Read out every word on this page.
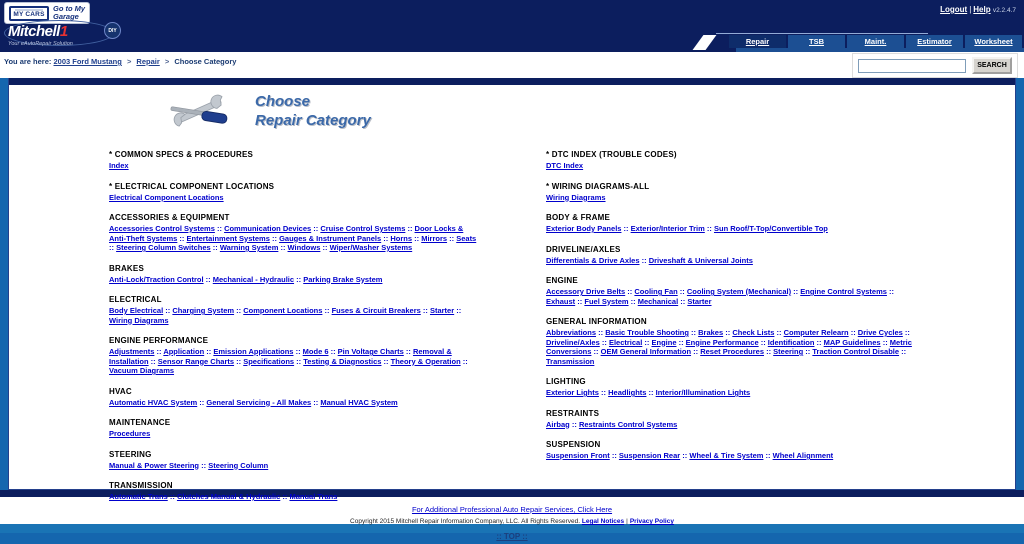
MY CARS
Go to My
Garage
Logout | Help v2.2.4.7
Mitchell1
Your eAutoRepair Solution
DIY
Repair	TSB	Maint.	Estimator	Worksheet
You are here: 2003 Ford Mustang > Repair > Choose Category	SEARCH
Choose
Repair Category
* COMMON SPECS & PROCEDURES
Index
* ELECTRICAL COMPONENT LOCATIONS
Electrical Component Locations
ACCESSORIES & EQUIPMENT
Accessories Control Systems :: Communication Devices :: Cruise Control Systems :: Door Locks & Anti-Theft Systems :: Entertainment Systems :: Gauges & Instrument Panels :: Horns :: Mirrors :: Seats :: Steering Column Switches :: Warning System :: Windows :: Wiper/Washer Systems
BRAKES
Anti-Lock/Traction Control :: Mechanical - Hydraulic :: Parking Brake System
ELECTRICAL
Body Electrical :: Charging System :: Component Locations :: Fuses & Circuit Breakers :: Starter :: Wiring Diagrams
ENGINE PERFORMANCE
Adjustments :: Application :: Emission Applications :: Mode 6 :: Pin Voltage Charts :: Removal & Installation :: Sensor Range Charts :: Specifications :: Testing & Diagnostics :: Theory & Operation :: Vacuum Diagrams
HVAC
Automatic HVAC System :: General Servicing - All Makes :: Manual HVAC System
MAINTENANCE
Procedures
STEERING
Manual & Power Steering :: Steering Column
TRANSMISSION
Automatic Trans :: Clutches Manual & Hydraulic :: Manual Trans
* DTC INDEX (TROUBLE CODES)
DTC Index
* WIRING DIAGRAMS-ALL
Wiring Diagrams
BODY & FRAME
Exterior Body Panels :: Exterior/Interior Trim :: Sun Roof/T-Top/Convertible Top
DRIVELINE/AXLES
Differentials & Drive Axles :: Driveshaft & Universal Joints
ENGINE
Accessory Drive Belts :: Cooling Fan :: Cooling System (Mechanical) :: Engine Control Systems :: Exhaust :: Fuel System :: Mechanical :: Starter
GENERAL INFORMATION
Abbreviations :: Basic Trouble Shooting :: Brakes :: Check Lists :: Computer Relearn :: Drive Cycles :: Driveline/Axles :: Electrical :: Engine :: Engine Performance :: Identification :: MAP Guidelines :: Metric Conversions :: OEM General Information :: Reset Procedures :: Steering :: Traction Control Disable :: Transmission
LIGHTING
Exterior Lights :: Headlights :: Interior/Illumination Lights
RESTRAINTS
Airbag :: Restraints Control Systems
SUSPENSION
Suspension Front :: Suspension Rear :: Wheel & Tire System :: Wheel Alignment
For Additional Professional Auto Repair Services, Click Here
Copyright 2015 Mitchell Repair Information Company, LLC. All Rights Reserved. Legal Notices | Privacy Policy
:: TOP ::
